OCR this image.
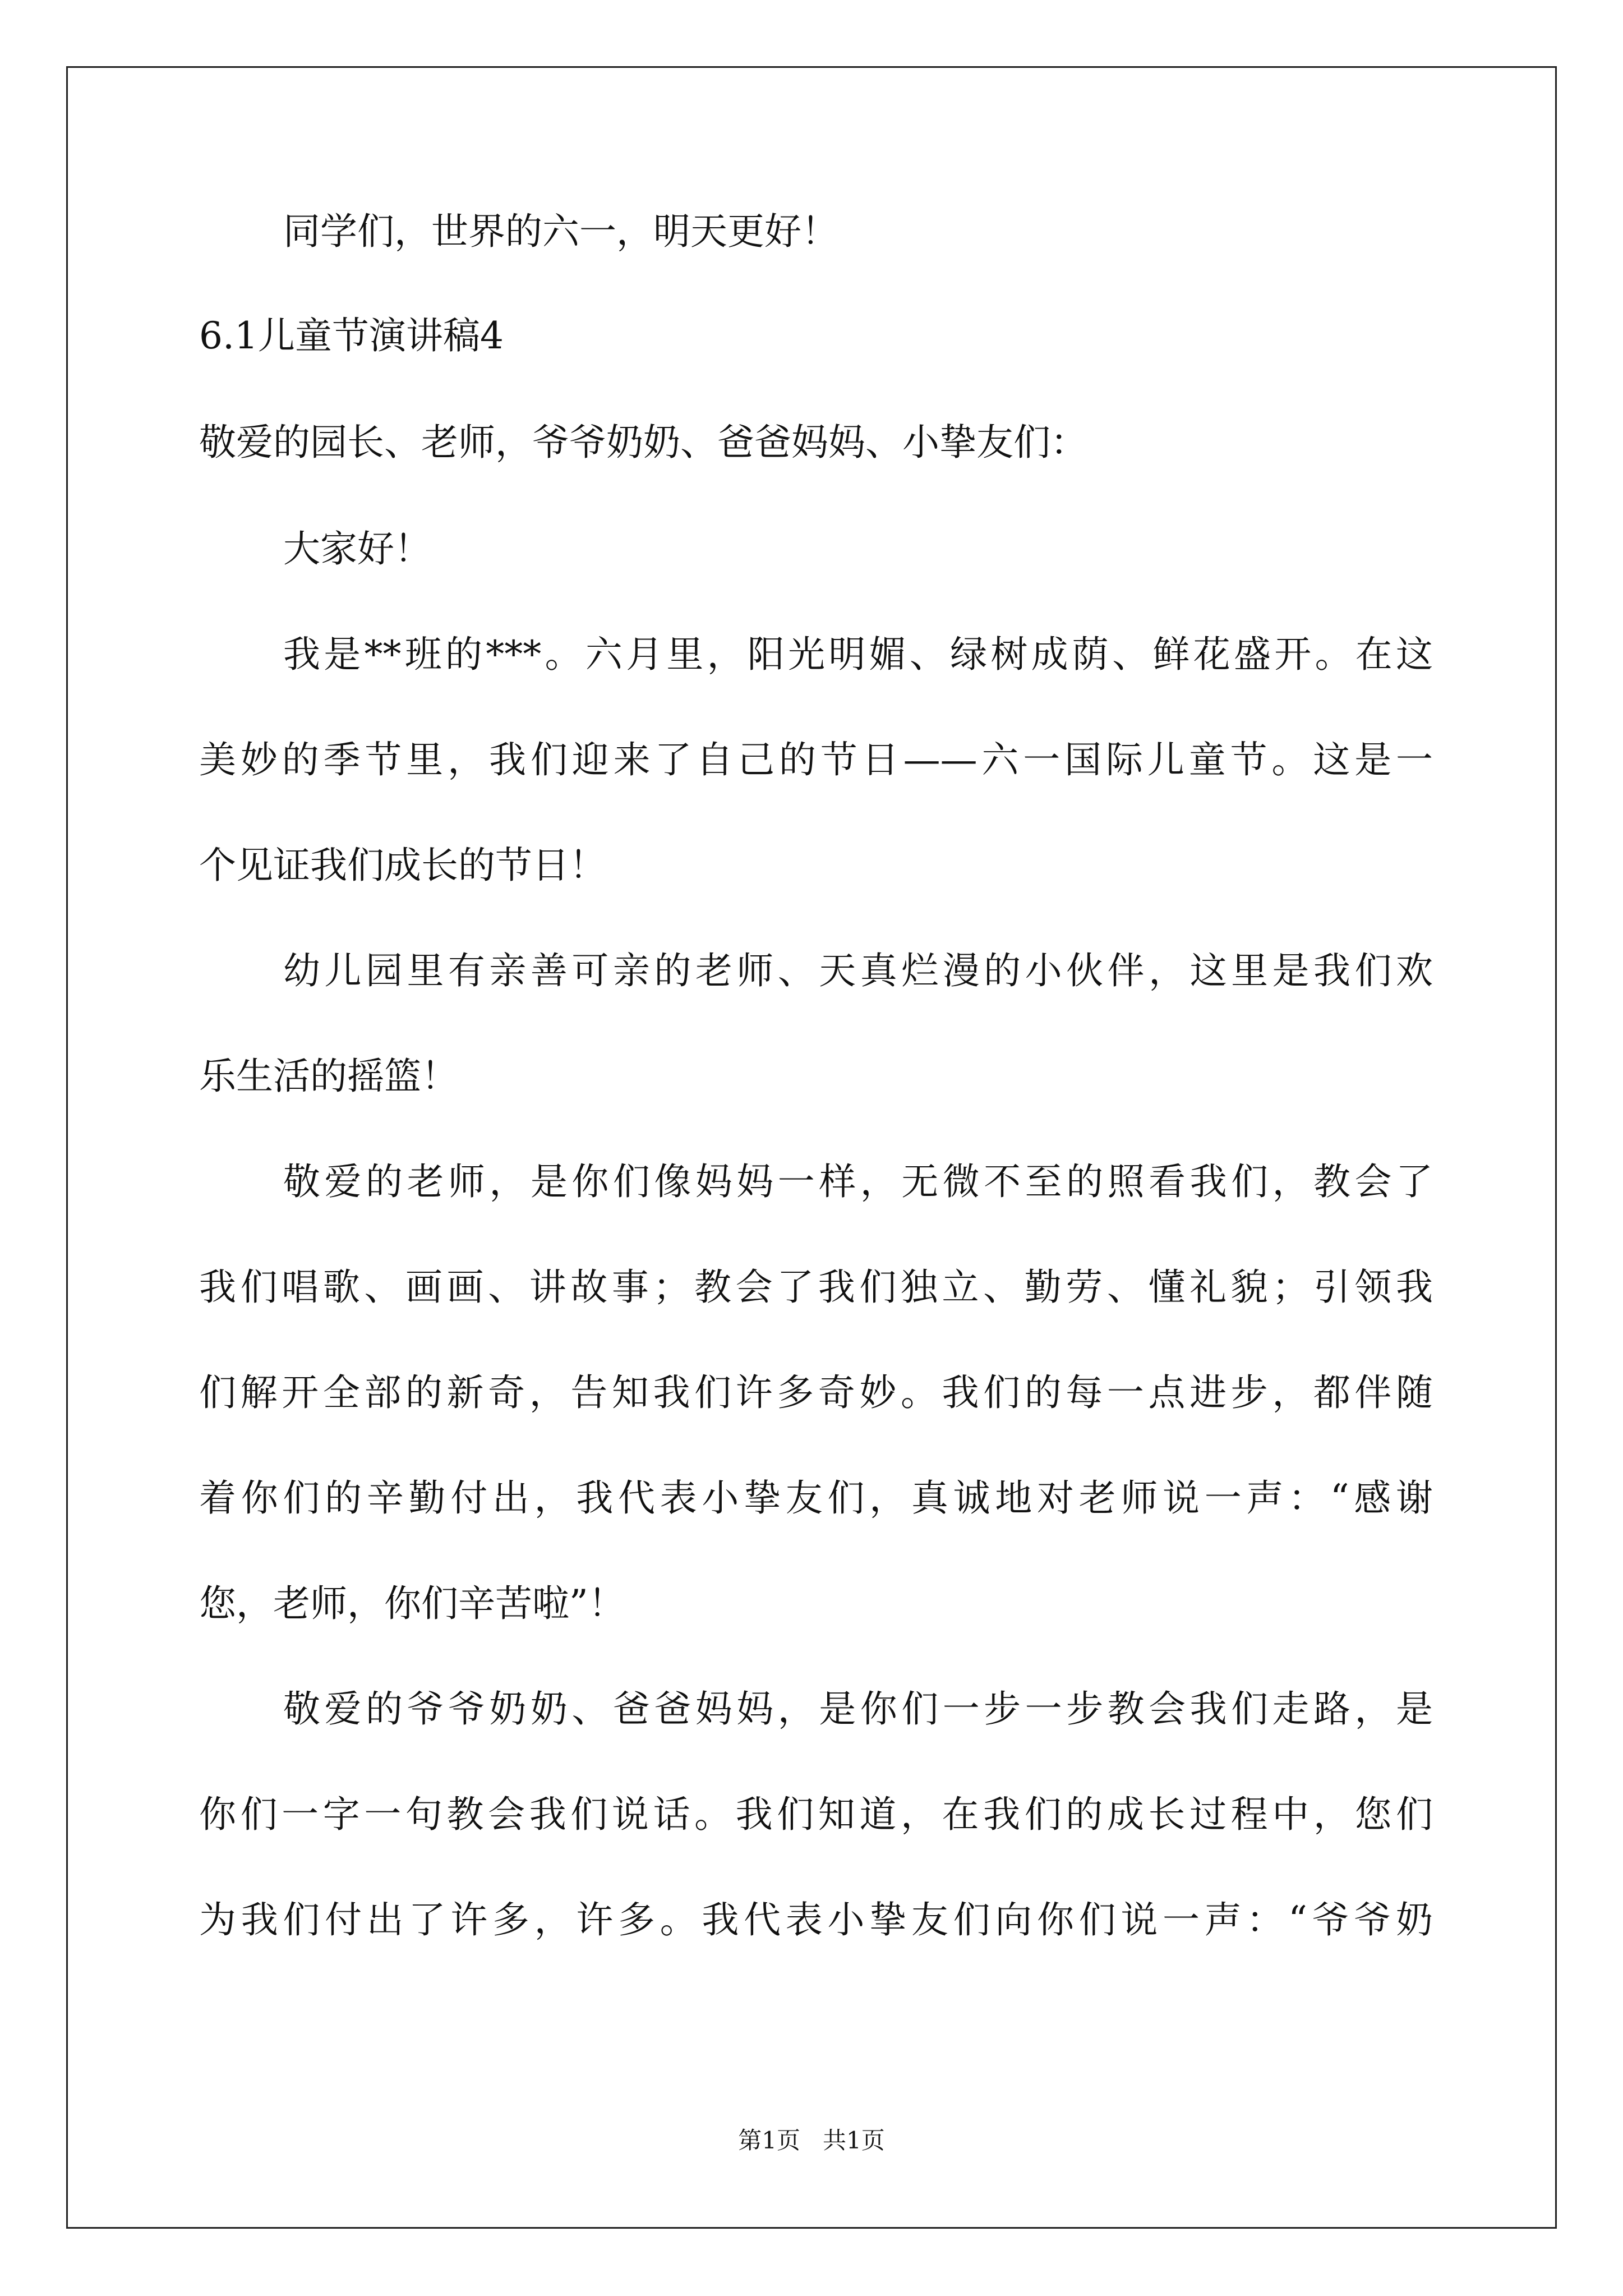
同学们，世界的六一，明天更好！

6.1儿童节演讲稿4

敬爱的园长、老师，爷爷奶奶、爸爸妈妈、小挚友们：

大家好！

我是**班的***。六月里，阳光明媚、绿树成荫、鲜花盛开。在这

美妙的季节里，我们迎来了自己的节日——六一国际儿童节。这是一

个见证我们成长的节日！

幼儿园里有亲善可亲的老师、天真烂漫的小伙伴，这里是我们欢

乐生活的摇篮！

敬爱的老师，是你们像妈妈一样，无微不至的照看我们，教会了

我们唱歌、画画、讲故事；教会了我们独立、勤劳、懂礼貌；引领我

们解开全部的新奇，告知我们许多奇妙。我们的每一点进步，都伴随

着你们的辛勤付出，我代表小挚友们，真诚地对老师说一声：“感谢

您，老师，你们辛苦啦”！

敬爱的爷爷奶奶、爸爸妈妈，是你们一步一步教会我们走路，是

你们一字一句教会我们说话。我们知道，在我们的成长过程中，您们

为我们付出了许多，许多。我代表小挚友们向你们说一声：“爷爷奶

第1页   共1页
